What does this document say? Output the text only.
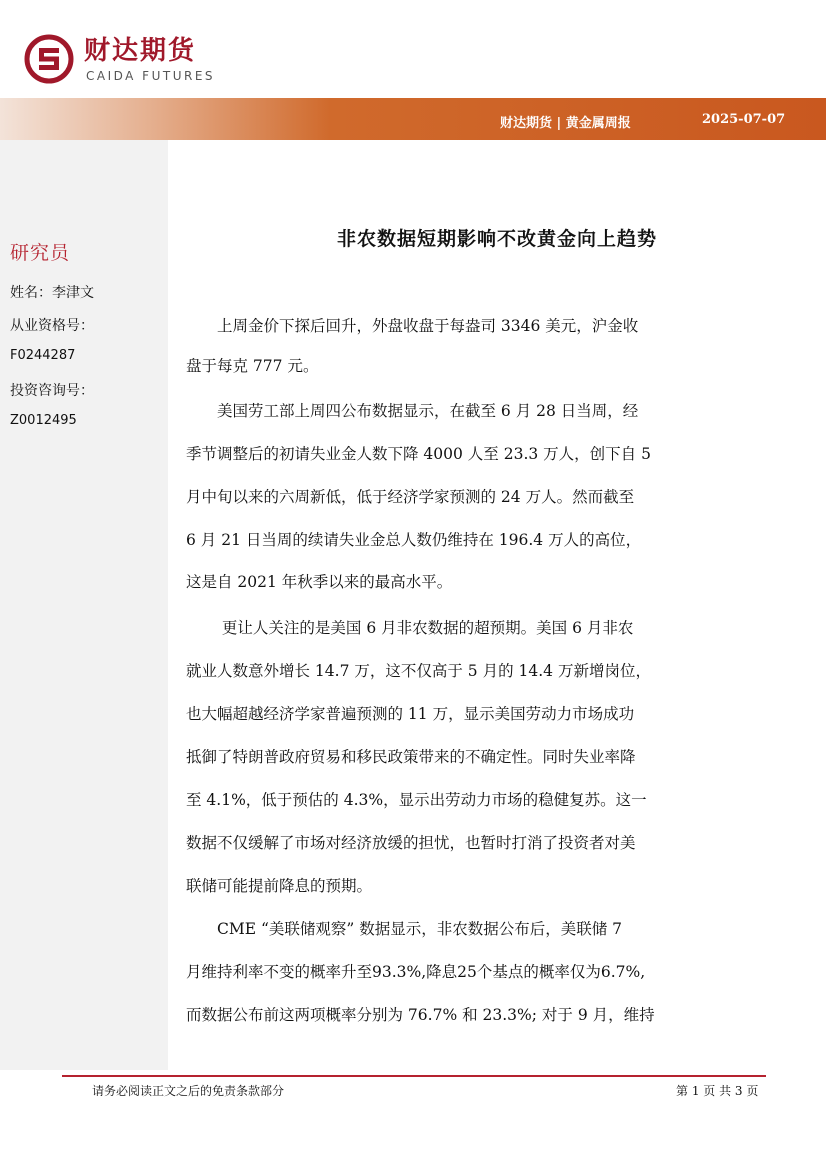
财达期货
CAIDA FUTURES
财达期货 | 黄金属周报	2025-07-07
研究员
姓名：李津文
从业资格号：
F0244287
投资咨询号：
Z0012495
非农数据短期影响不改黄金向上趋势
　　上周金价下探后回升，外盘收盘于每盎司 3346 美元，沪金收
盘于每克 777 元。
　　美国劳工部上周四公布数据显示，在截至 6 月 28 日当周，经
季节调整后的初请失业金人数下降 4000 人至 23.3 万人，创下自 5
月中旬以来的六周新低，低于经济学家预测的 24 万人。然而截至
6 月 21 日当周的续请失业金总人数仍维持在 196.4 万人的高位，
这是自 2021 年秋季以来的最高水平。
　　 更让人关注的是美国 6 月非农数据的超预期。美国 6 月非农
就业人数意外增长 14.7 万，这不仅高于 5 月的 14.4 万新增岗位，
也大幅超越经济学家普遍预测的 11 万，显示美国劳动力市场成功
抵御了特朗普政府贸易和移民政策带来的不确定性。同时失业率降
至 4.1%，低于预估的 4.3%，显示出劳动力市场的稳健复苏。这一
数据不仅缓解了市场对经济放缓的担忧，也暂时打消了投资者对美
联储可能提前降息的预期。
　　CME “美联储观察” 数据显示，非农数据公布后，美联储 7
月维持利率不变的概率升至93.3%,降息25个基点的概率仅为6.7%,
而数据公布前这两项概率分别为 76.7% 和 23.3%; 对于 9 月，维持
请务必阅读正文之后的免责条款部分	第 1 页 共 3 页
